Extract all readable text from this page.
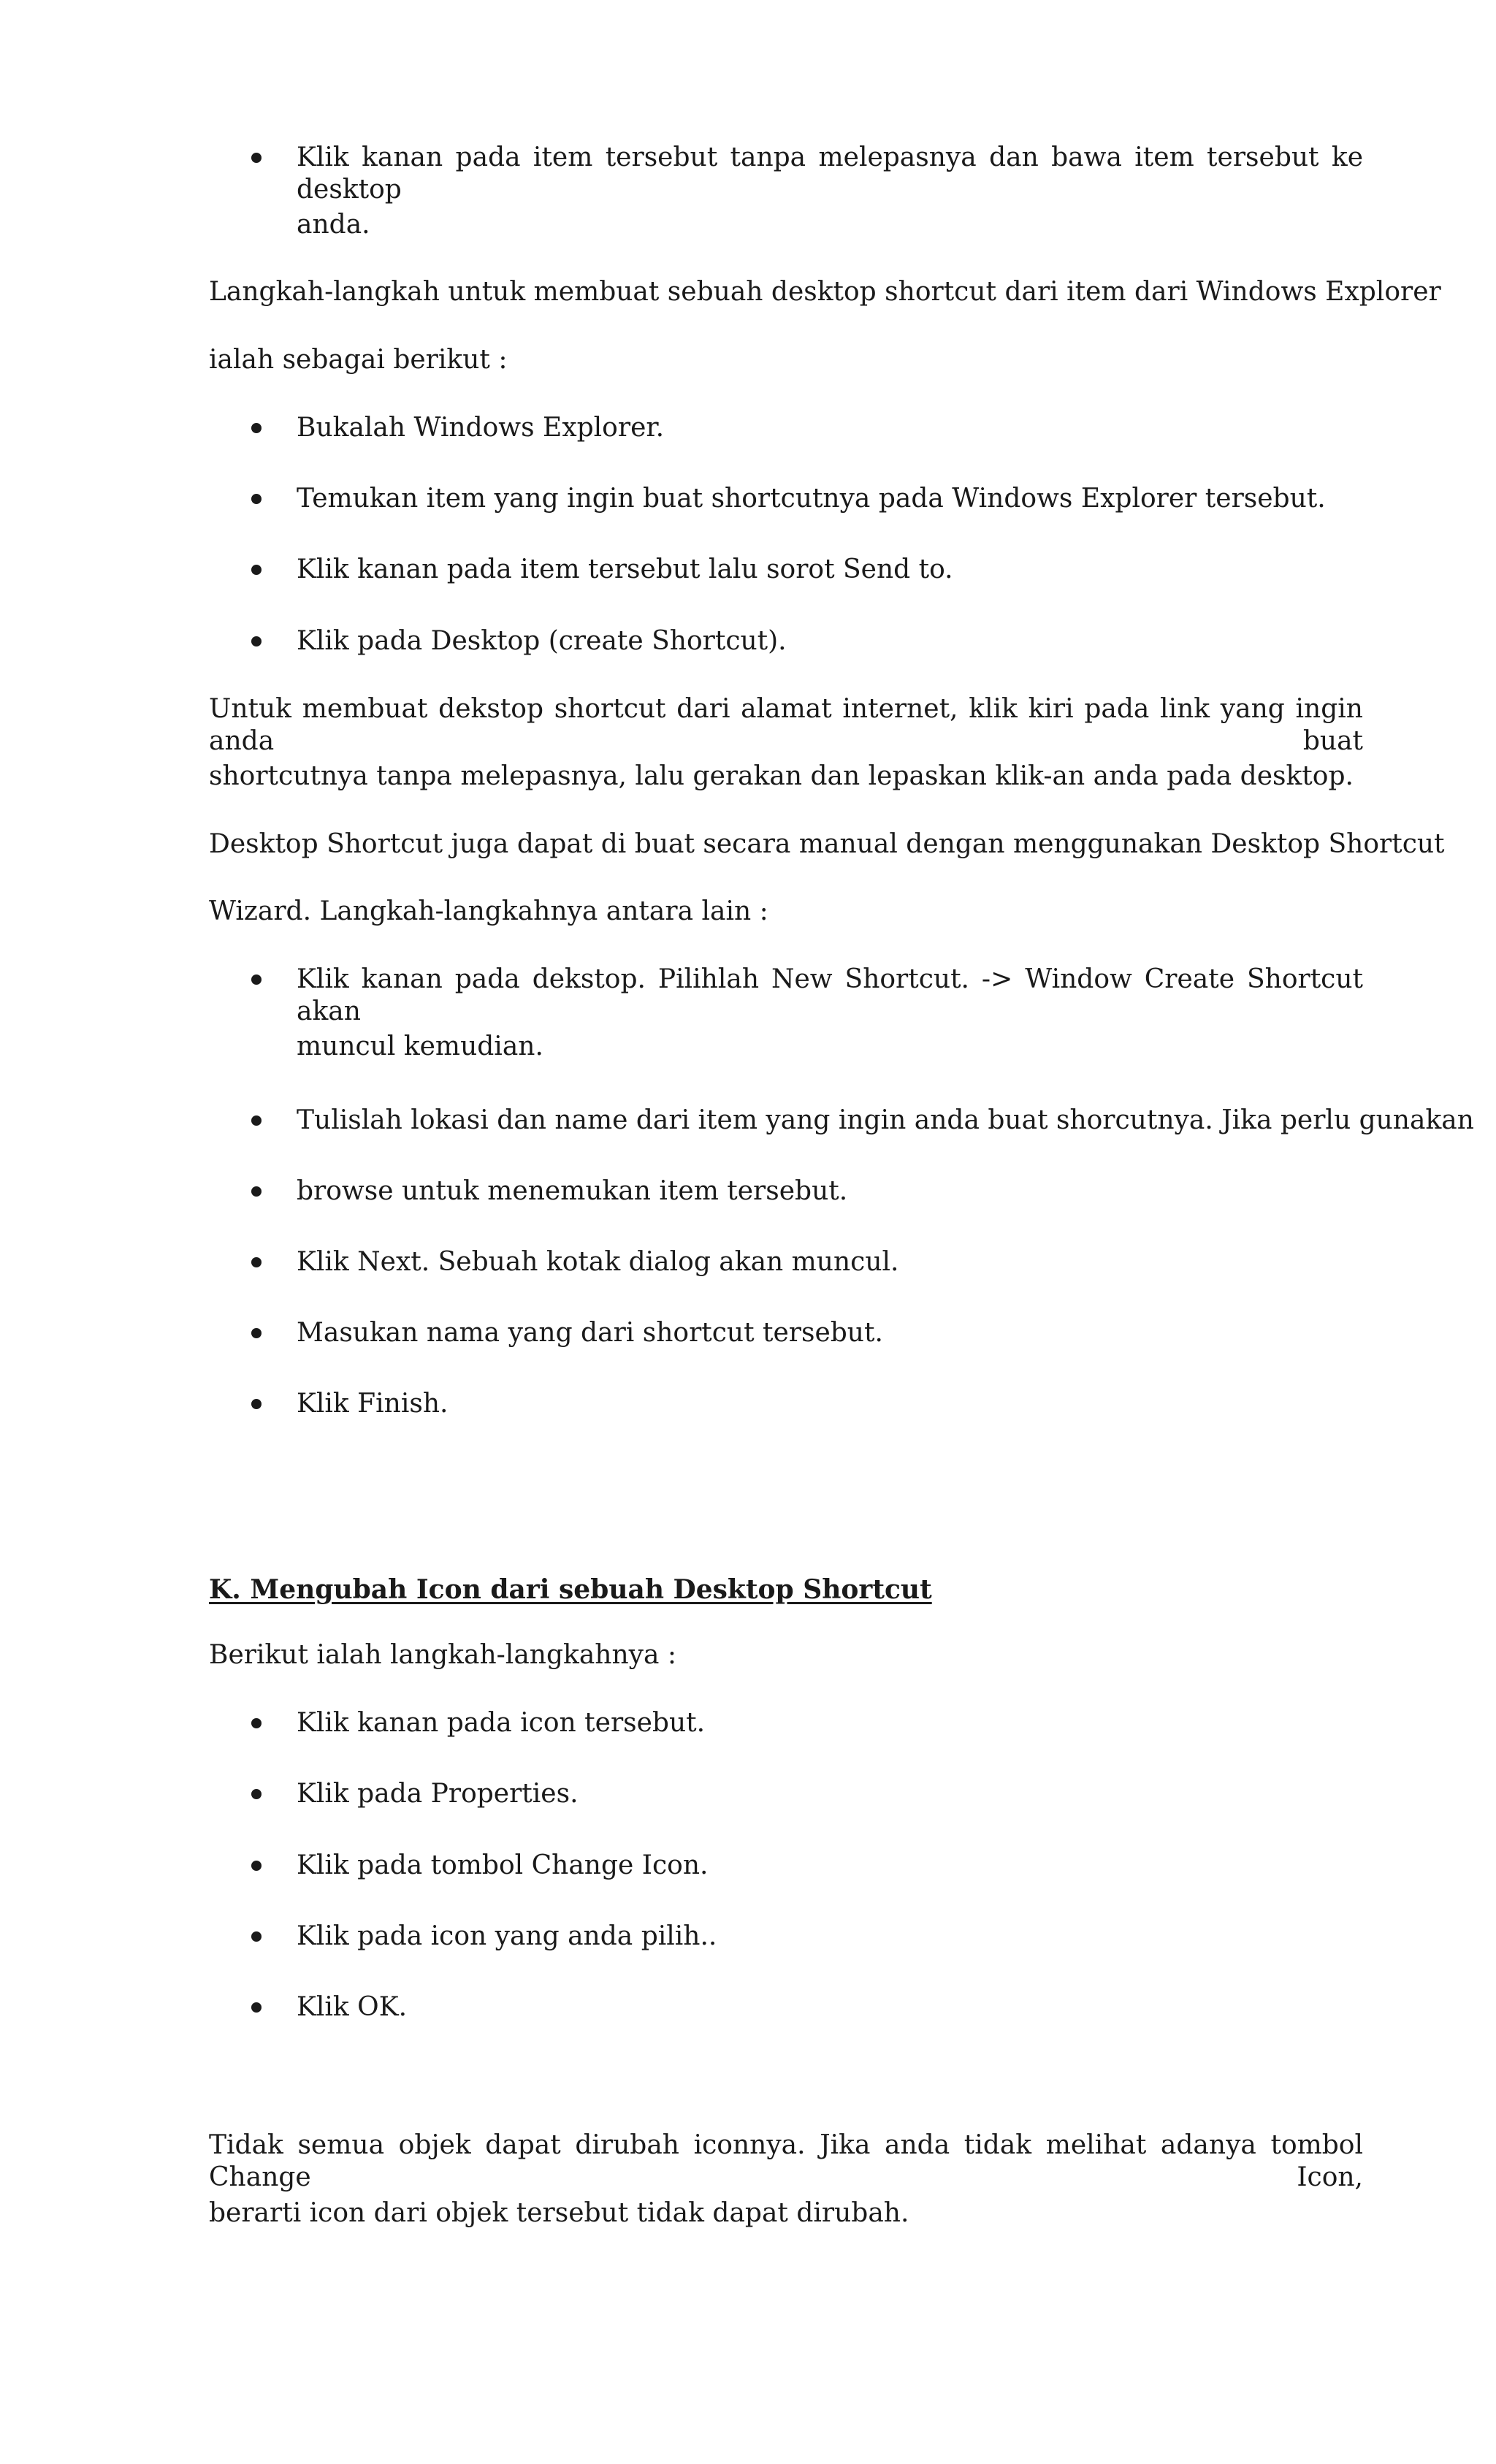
Klik kanan pada item tersebut tanpa melepasnya dan bawa item tersebut ke desktop
anda.
Langkah-langkah untuk membuat sebuah desktop shortcut dari item dari Windows Explorer
ialah sebagai berikut :
Bukalah Windows Explorer.
Temukan item yang ingin buat shortcutnya pada Windows Explorer tersebut.
Klik kanan pada item tersebut lalu sorot Send to.
Klik pada Desktop (create Shortcut).
Untuk membuat dekstop shortcut dari alamat internet, klik kiri pada link yang ingin anda buat
shortcutnya tanpa melepasnya, lalu gerakan dan lepaskan klik-an anda pada desktop.
Desktop Shortcut juga dapat di buat secara manual dengan menggunakan Desktop Shortcut
Wizard. Langkah-langkahnya antara lain :
Klik kanan pada dekstop. Pilihlah New Shortcut. -> Window Create Shortcut akan
muncul kemudian.
Tulislah lokasi dan name dari item yang ingin anda buat shorcutnya. Jika perlu gunakan
browse untuk menemukan item tersebut.
Klik Next. Sebuah kotak dialog akan muncul.
Masukan nama yang dari shortcut tersebut.
Klik Finish.
K. Mengubah Icon dari sebuah Desktop Shortcut
Berikut ialah langkah-langkahnya :
Klik kanan pada icon tersebut.
Klik pada Properties.
Klik pada tombol Change Icon.
Klik pada icon yang anda pilih..
Klik OK.
Tidak semua objek dapat dirubah iconnya. Jika anda tidak melihat adanya tombol Change Icon,
berarti icon dari objek tersebut tidak dapat dirubah.
